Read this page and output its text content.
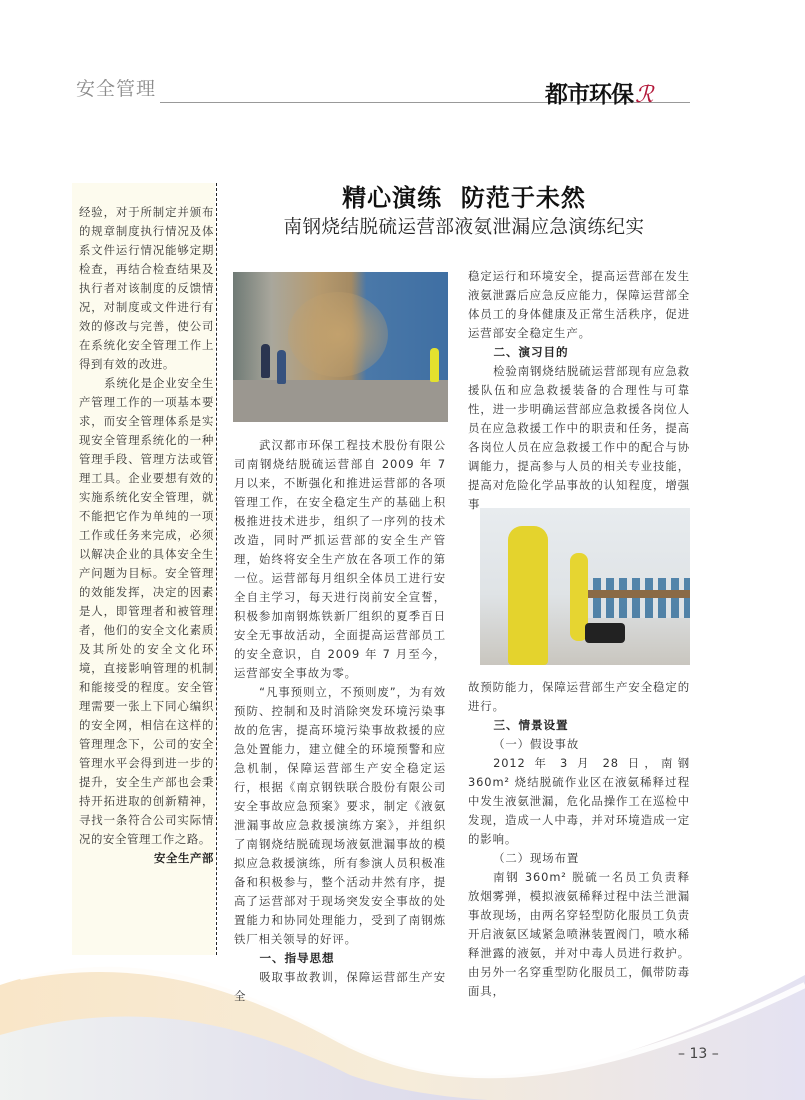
安全管理	都市环保ℛ

经验，对于所制定并颁布的规章制度执行情况及体系文件运行情况能够定期检查，再结合检查结果及执行者对该制度的反馈情况，对制度或文件进行有效的修改与完善，使公司在系统化安全管理工作上得到有效的改进。

系统化是企业安全生产管理工作的一项基本要求，而安全管理体系是实现安全管理系统化的一种管理手段、管理方法或管理工具。企业要想有效的实施系统化安全管理，就不能把它作为单纯的一项工作或任务来完成，必须以解决企业的具体安全生产问题为目标。安全管理的效能发挥，决定的因素是人，即管理者和被管理者，他们的安全文化素质及其所处的安全文化环境，直接影响管理的机制和能接受的程度。安全管理需要一张上下同心编织的安全网，相信在这样的管理理念下，公司的安全管理水平会得到进一步的提升，安全生产部也会秉持开拓进取的创新精神，寻找一条符合公司实际情况的安全管理工作之路。

安全生产部

精心演练  防范于未然
南钢烧结脱硫运营部液氨泄漏应急演练纪实

武汉都市环保工程技术股份有限公司南钢烧结脱硫运营部自 2009 年 7 月以来，不断强化和推进运营部的各项管理工作，在安全稳定生产的基础上积极推进技术进步，组织了一序列的技术改造，同时严抓运营部的安全生产管理，始终将安全生产放在各项工作的第一位。运营部每月组织全体员工进行安全自主学习，每天进行岗前安全宣誓，积极参加南钢炼铁新厂组织的夏季百日安全无事故活动，全面提高运营部员工的安全意识，自 2009 年 7 月至今，运营部安全事故为零。

“凡事预则立，不预则废”，为有效预防、控制和及时消除突发环境污染事故的危害，提高环境污染事故救援的应急处置能力，建立健全的环境预警和应急机制，保障运营部生产安全稳定运行，根据《南京钢铁联合股份有限公司安全事故应急预案》要求，制定《液氨泄漏事故应急救援演练方案》，并组织了南钢烧结脱硫现场液氨泄漏事故的模拟应急救援演练，所有参演人员积极准备和积极参与，整个活动井然有序，提高了运营部对于现场突发安全事故的处置能力和协同处理能力，受到了南钢炼铁厂相关领导的好评。

一、指导思想

吸取事故教训，保障运营部生产安全

稳定运行和环境安全，提高运营部在发生液氨泄露后应急反应能力，保障运营部全体员工的身体健康及正常生活秩序，促进运营部安全稳定生产。

二、演习目的

检验南钢烧结脱硫运营部现有应急救援队伍和应急救援装备的合理性与可靠性，进一步明确运营部应急救援各岗位人员在应急救援工作中的职责和任务，提高各岗位人员在应急救援工作中的配合与协调能力，提高参与人员的相关专业技能，提高对危险化学品事故的认知程度，增强事

故预防能力，保障运营部生产安全稳定的进行。

三、情景设置

（一）假设事故

2012 年 3 月 28 日，南钢 360m² 烧结脱硫作业区在液氨稀释过程中发生液氨泄漏，危化品操作工在巡检中发现，造成一人中毒，并对环境造成一定的影响。

（二）现场布置

南钢 360m² 脱硫一名员工负责释放烟雾弹，模拟液氨稀释过程中法兰泄漏事故现场，由两名穿轻型防化服员工负责开启液氨区域紧急喷淋装置阀门，喷水稀释泄露的液氨，并对中毒人员进行救护。由另外一名穿重型防化服员工，佩带防毒面具，

– 13 –
